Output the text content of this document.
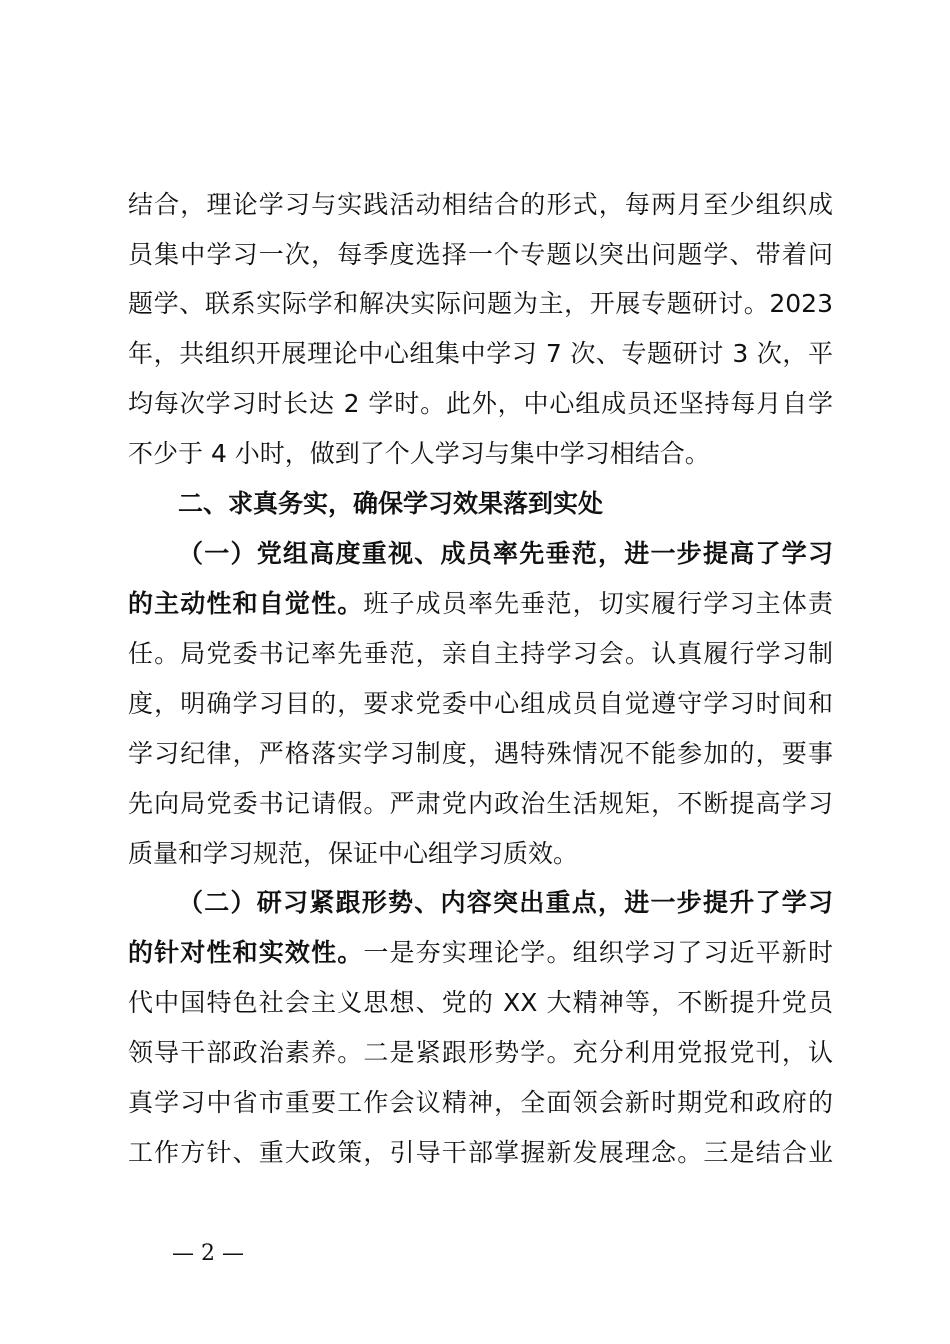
结合，理论学习与实践活动相结合的形式，每两月至少组织成
员集中学习一次，每季度选择一个专题以突出问题学、带着问
题学、联系实际学和解决实际问题为主，开展专题研讨。2023
年，共组织开展理论中心组集中学习 7 次、专题研讨 3 次，平
均每次学习时长达 2 学时。此外，中心组成员还坚持每月自学
不少于 4 小时，做到了个人学习与集中学习相结合。
二、求真务实，确保学习效果落到实处
（一）党组高度重视、成员率先垂范，进一步提高了学习
的主动性和自觉性。班子成员率先垂范，切实履行学习主体责
任。局党委书记率先垂范，亲自主持学习会。认真履行学习制
度，明确学习目的，要求党委中心组成员自觉遵守学习时间和
学习纪律，严格落实学习制度，遇特殊情况不能参加的，要事
先向局党委书记请假。严肃党内政治生活规矩，不断提高学习
质量和学习规范，保证中心组学习质效。
（二）研习紧跟形势、内容突出重点，进一步提升了学习
的针对性和实效性。一是夯实理论学。组织学习了习近平新时
代中国特色社会主义思想、党的 XX 大精神等，不断提升党员
领导干部政治素养。二是紧跟形势学。充分利用党报党刊，认
真学习中省市重要工作会议精神，全面领会新时期党和政府的
工作方针、重大政策，引导干部掌握新发展理念。三是结合业
— 2 —
